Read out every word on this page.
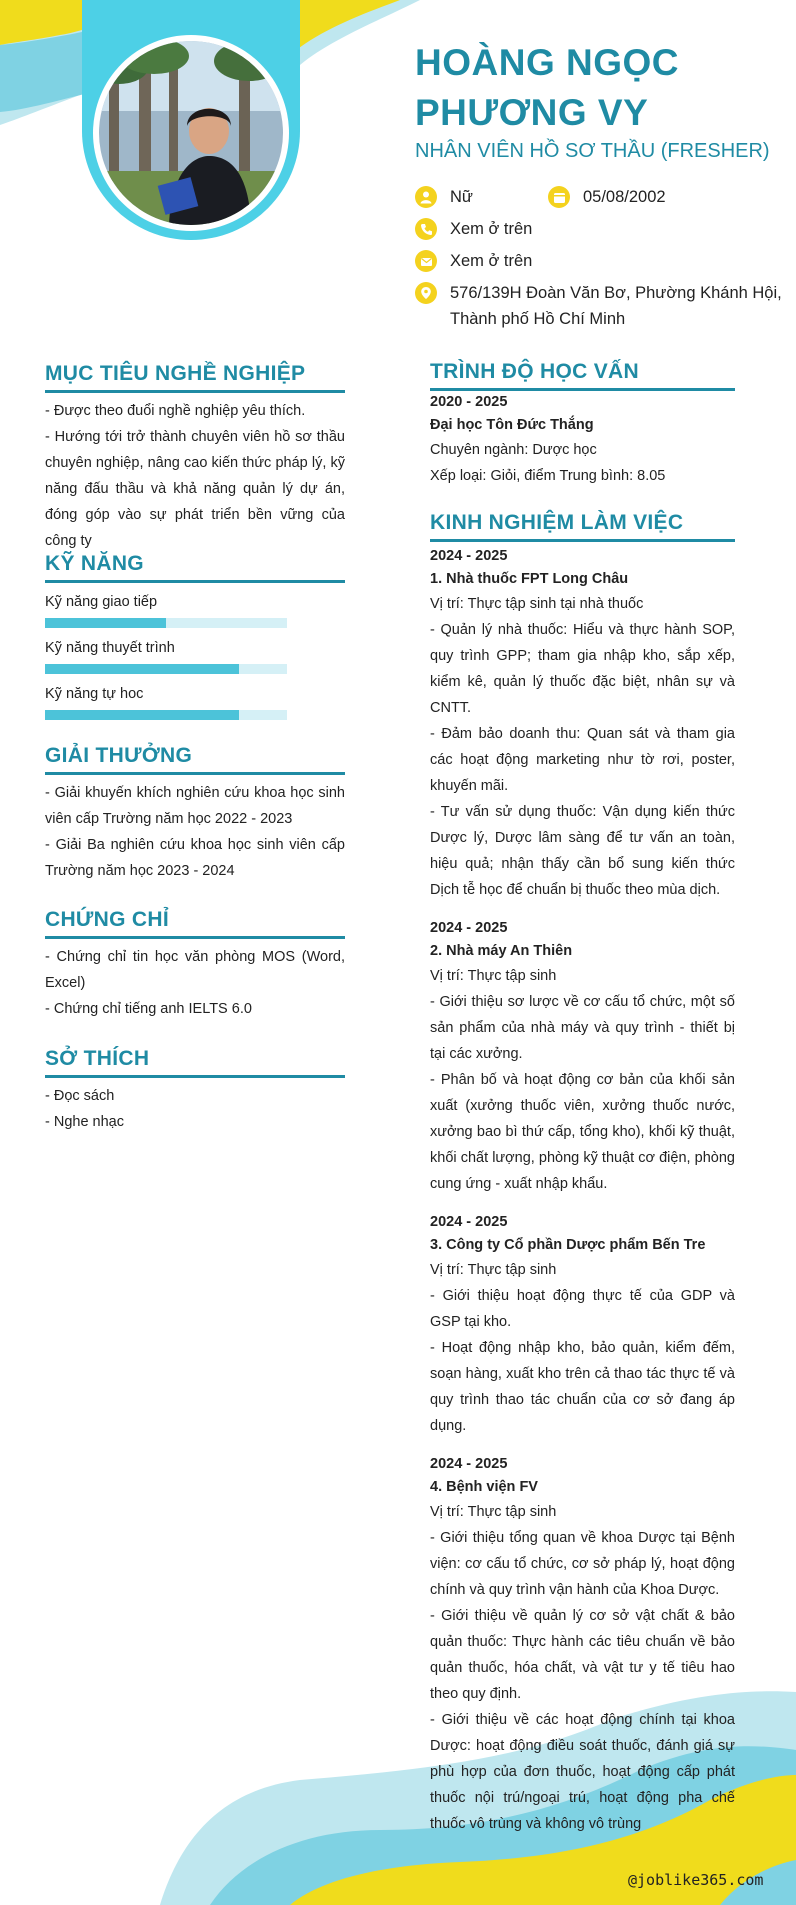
HOÀNG NGỌC PHƯƠNG VY
NHÂN VIÊN HỒ SƠ THẦU (FRESHER)
Nữ	05/08/2002
Xem ở trên
Xem ở trên
576/139H Đoàn Văn Bơ, Phường Khánh Hội,
Thành phố Hồ Chí Minh
MỤC TIÊU NGHỀ NGHIỆP
- Được theo đuổi nghề nghiệp yêu thích.
- Hướng tới trở thành chuyên viên hồ sơ thầu chuyên nghiệp, nâng cao kiến thức pháp lý, kỹ năng đấu thầu và khả năng quản lý dự án, đóng góp vào sự phát triển bền vững của công ty
KỸ NĂNG
Kỹ năng giao tiếp
Kỹ năng thuyết trình
Kỹ năng tự hoc
GIẢI THƯỞNG
- Giải khuyến khích nghiên cứu khoa học sinh viên cấp Trường năm học 2022 - 2023
- Giải Ba nghiên cứu khoa học sinh viên cấp Trường năm học 2023 - 2024
CHỨNG CHỈ
- Chứng chỉ tin học văn phòng MOS (Word, Excel)
- Chứng chỉ tiếng anh IELTS 6.0
SỞ THÍCH
- Đọc sách
- Nghe nhạc
TRÌNH ĐỘ HỌC VẤN
2020 - 2025
Đại học Tôn Đức Thắng
Chuyên ngành: Dược học
Xếp loại: Giỏi, điểm Trung bình: 8.05
KINH NGHIỆM LÀM VIỆC
2024 - 2025
1. Nhà thuốc FPT Long Châu
Vị trí: Thực tập sinh tại nhà thuốc
- Quản lý nhà thuốc: Hiểu và thực hành SOP, quy trình GPP; tham gia nhập kho, sắp xếp, kiểm kê, quản lý thuốc đặc biệt, nhân sự và CNTT.
- Đảm bảo doanh thu: Quan sát và tham gia các hoạt động marketing như tờ rơi, poster, khuyến mãi.
- Tư vấn sử dụng thuốc: Vận dụng kiến thức Dược lý, Dược lâm sàng để tư vấn an toàn, hiệu quả; nhận thấy cần bổ sung kiến thức Dịch tễ học để chuẩn bị thuốc theo mùa dịch.
2024 - 2025
2. Nhà máy An Thiên
Vị trí: Thực tập sinh
- Giới thiệu sơ lược về cơ cấu tổ chức, một số sản phẩm của nhà máy và quy trình - thiết bị tại các xưởng.
- Phân bố và hoạt động cơ bản của khối sản xuất (xưởng thuốc viên, xưởng thuốc nước, xưởng bao bì thứ cấp, tổng kho), khối kỹ thuật, khối chất lượng, phòng kỹ thuật cơ điện, phòng cung ứng - xuất nhập khẩu.
2024 - 2025
3. Công ty Cổ phần Dược phẩm Bến Tre
Vị trí: Thực tập sinh
- Giới thiệu hoạt động thực tế của GDP và GSP tại kho.
- Hoạt động nhập kho, bảo quản, kiểm đếm, soạn hàng, xuất kho trên cả thao tác thực tế và quy trình thao tác chuẩn của cơ sở đang áp dụng.
2024 - 2025
4. Bệnh viện FV
Vị trí: Thực tập sinh
- Giới thiệu tổng quan về khoa Dược tại Bệnh viện: cơ cấu tổ chức, cơ sở pháp lý, hoạt động chính và quy trình vận hành của Khoa Dược.
- Giới thiệu về quản lý cơ sở vật chất & bảo quản thuốc: Thực hành các tiêu chuẩn về bảo quản thuốc, hóa chất, và vật tư y tế tiêu hao theo quy định.
- Giới thiệu về các hoạt động chính tại khoa Dược: hoạt động điều soát thuốc, đánh giá sự phù hợp của đơn thuốc, hoạt động cấp phát thuốc nội trú/ngoại trú, hoạt động pha chế thuốc vô trùng và không vô trùng
@joblike365.com
